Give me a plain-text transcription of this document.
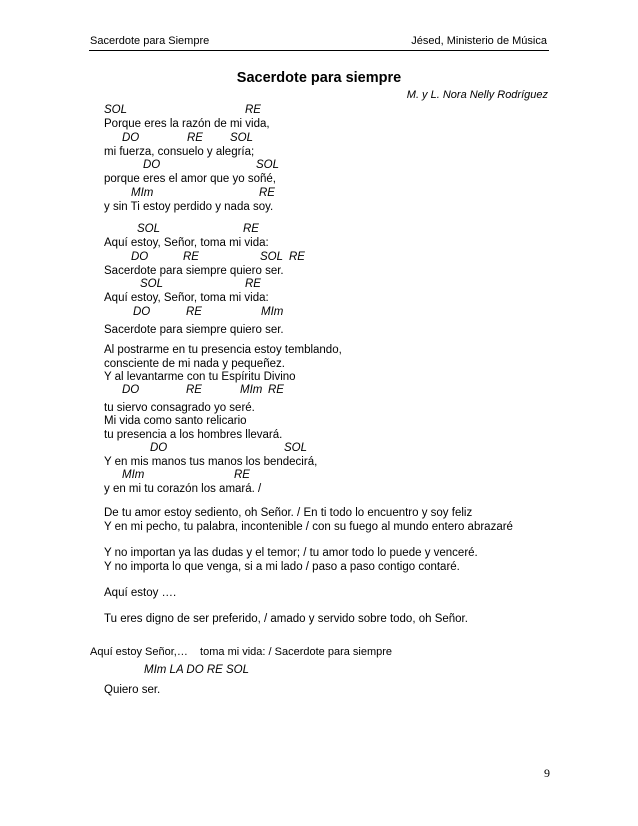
Sacerdote para Siempre	Jésed, Ministerio de Música
Sacerdote para siempre
M. y L. Nora Nelly Rodríguez
SOL	RE
Porque eres la razón de mi vida,
DO	RE SOL
mi fuerza, consuelo y alegría;
DO	SOL
porque eres el amor que yo soñé,
MIm	RE
y sin Ti estoy perdido y nada soy.
SOL	RE
Aquí estoy, Señor, toma mi vida:
DO	RE	SOL RE
Sacerdote para siempre quiero ser.
SOL	RE
Aquí estoy, Señor, toma mi vida:
DO	RE	MIm
Sacerdote para siempre quiero ser.
Al postrarme en tu presencia estoy temblando,
consciente de mi nada y pequeñez.
Y al levantarme con tu Espíritu Divino
DO	RE	MIm RE
tu siervo consagrado yo seré.
Mi vida como santo relicario
tu presencia a los hombres llevará.
DO	SOL
Y en mis manos tus manos los bendecirá,
MIm	RE
y en mi tu corazón los amará. /
De tu amor estoy sediento, oh Señor. / En ti todo lo encuentro y soy feliz
Y en mi pecho, tu palabra, incontenible / con su fuego al mundo entero abrazaré
Y no importan ya las dudas y el temor; / tu amor todo lo puede y venceré.
Y no importa lo que venga, si a mi lado / paso a paso contigo contaré.
Aquí estoy ….
Tu eres digno de ser preferido, / amado y servido sobre todo, oh Señor.
Aquí estoy Señor,…    toma mi vida: / Sacerdote para siempre
MIm LA DO RE SOL
Quiero ser.
9
